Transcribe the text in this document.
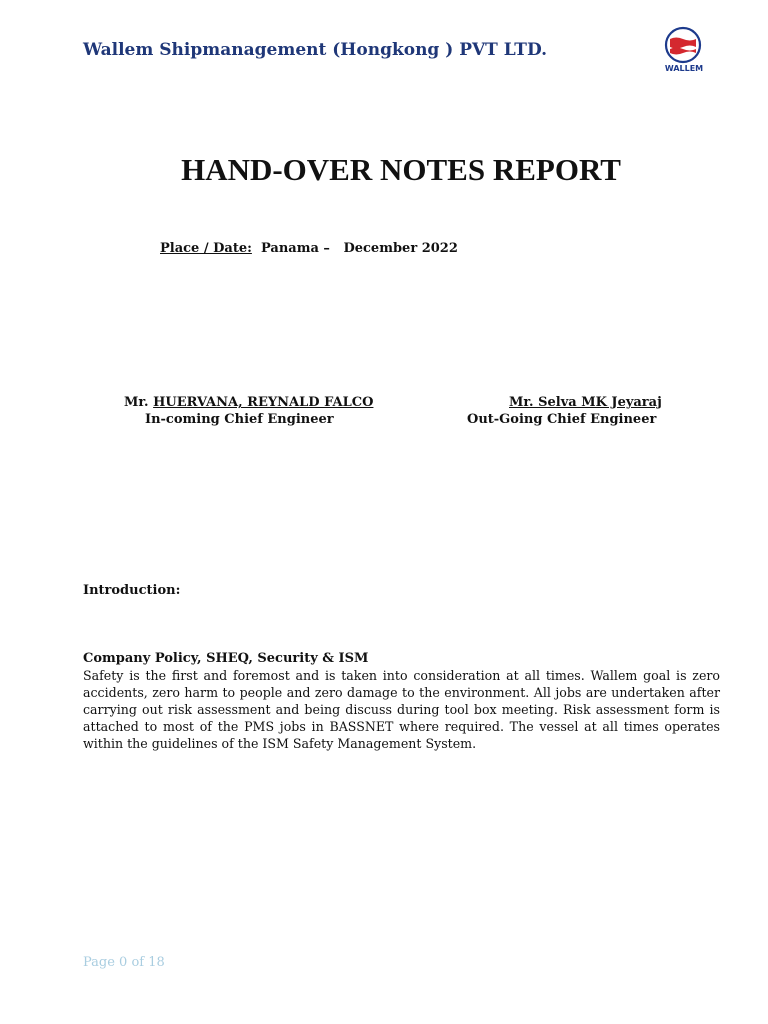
Wallem Shipmanagement (Hongkong ) PVT LTD.
WALLEM
HAND-OVER NOTES REPORT
Place / Date: Panama –   December 2022
Mr. HUERVANA, REYNALD FALCO
In-coming Chief Engineer
Mr. Selva MK Jeyaraj
Out-Going Chief Engineer
Introduction:
Company Policy, SHEQ, Security & ISM
Safety is the first and foremost and is taken into consideration at all times. Wallem goal is zero accidents, zero harm to people and zero damage to the environment. All jobs are undertaken after carrying out risk assessment and being discuss during tool box meeting. Risk assessment form is attached to most of the PMS jobs in BASSNET where required. The vessel at all times operates within the guidelines of the ISM Safety Management System.
Page 0 of 18
